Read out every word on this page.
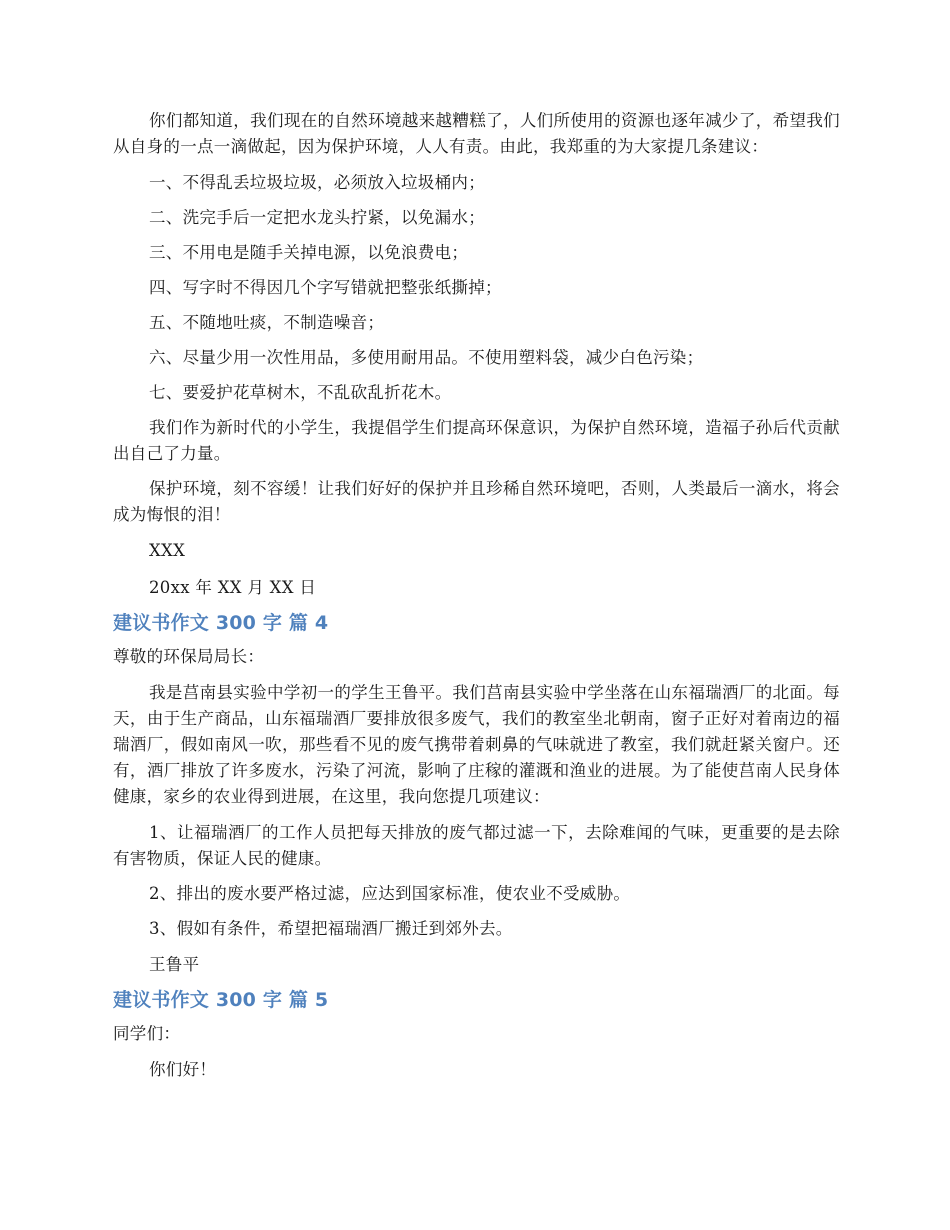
你们都知道，我们现在的自然环境越来越糟糕了，人们所使用的资源也逐年减少了，希望我们从自身的一点一滴做起，因为保护环境，人人有责。由此，我郑重的为大家提几条建议：

一、不得乱丢垃圾垃圾，必须放入垃圾桶内；

二、洗完手后一定把水龙头拧紧，以免漏水；

三、不用电是随手关掉电源，以免浪费电；

四、写字时不得因几个字写错就把整张纸撕掉；

五、不随地吐痰，不制造噪音；

六、尽量少用一次性用品，多使用耐用品。不使用塑料袋，减少白色污染；

七、要爱护花草树木，不乱砍乱折花木。

我们作为新时代的小学生，我提倡学生们提高环保意识，为保护自然环境，造福子孙后代贡献出自己了力量。

保护环境，刻不容缓！让我们好好的保护并且珍稀自然环境吧，否则，人类最后一滴水，将会成为悔恨的泪！

XXX

20xx 年 XX 月 XX 日

建议书作文 300 字 篇 4

尊敬的环保局局长：

我是莒南县实验中学初一的学生王鲁平。我们莒南县实验中学坐落在山东福瑞酒厂的北面。每天，由于生产商品，山东福瑞酒厂要排放很多废气，我们的教室坐北朝南，窗子正好对着南边的福瑞酒厂，假如南风一吹，那些看不见的废气携带着刺鼻的气味就进了教室，我们就赶紧关窗户。还有，酒厂排放了许多废水，污染了河流，影响了庄稼的灌溉和渔业的进展。为了能使莒南人民身体健康，家乡的农业得到进展，在这里，我向您提几项建议：

1、让福瑞酒厂的工作人员把每天排放的废气都过滤一下，去除难闻的气味，更重要的是去除有害物质，保证人民的健康。

2、排出的废水要严格过滤，应达到国家标准，使农业不受威胁。

3、假如有条件，希望把福瑞酒厂搬迁到郊外去。

王鲁平

建议书作文 300 字 篇 5

同学们：

你们好！
